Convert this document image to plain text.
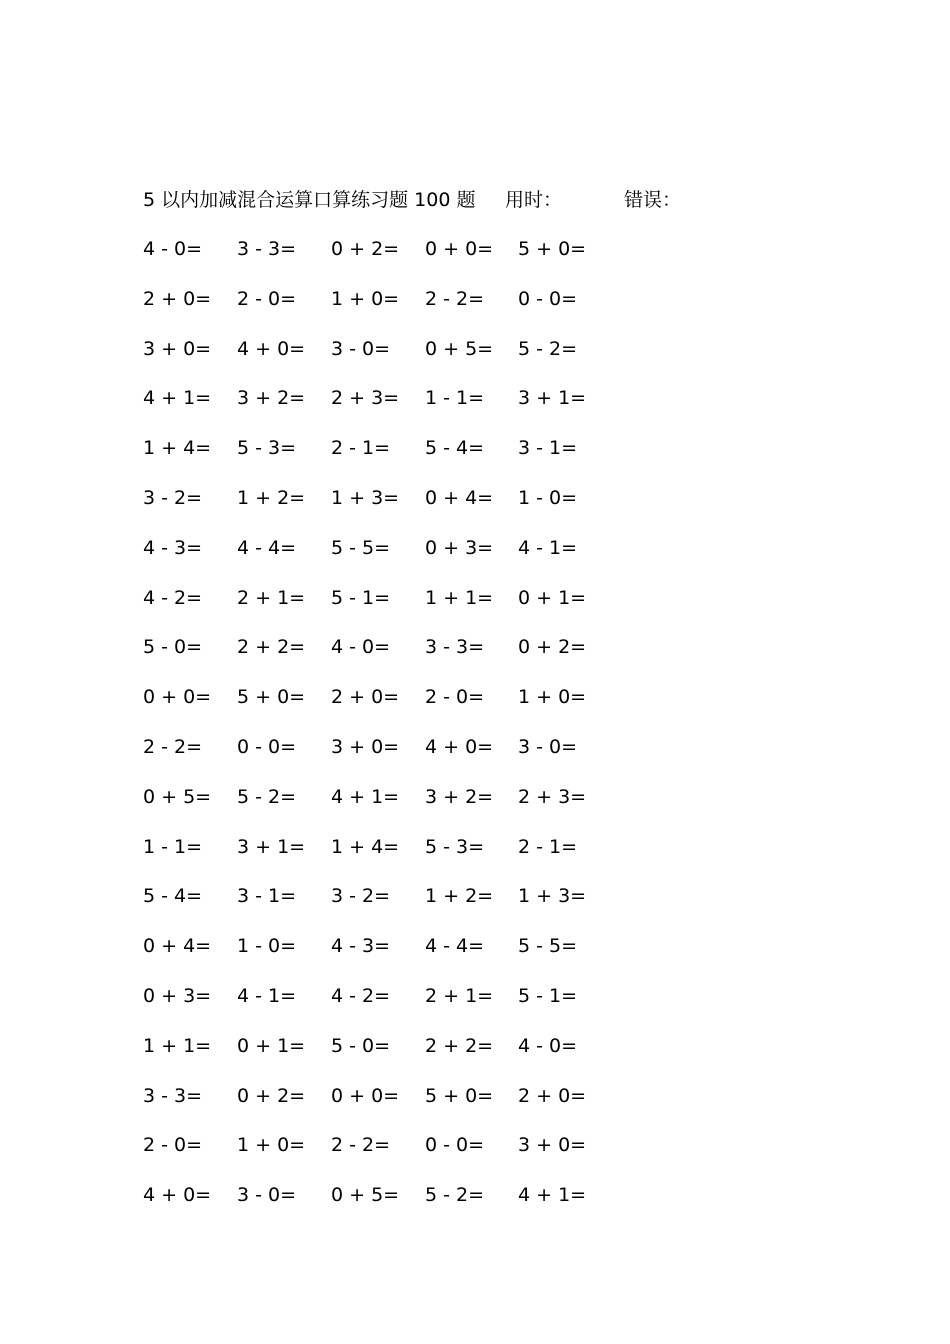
5 以内加减混合运算口算练习题 100 题 用时：	错误：
4 - 0= 3 - 3= 0 + 2= 0 + 0= 5 + 0=
2 + 0= 2 - 0= 1 + 0= 2 - 2= 0 - 0=
3 + 0= 4 + 0= 3 - 0= 0 + 5= 5 - 2=
4 + 1= 3 + 2= 2 + 3= 1 - 1= 3 + 1=
1 + 4= 5 - 3= 2 - 1= 5 - 4= 3 - 1=
3 - 2= 1 + 2= 1 + 3= 0 + 4= 1 - 0=
4 - 3= 4 - 4= 5 - 5= 0 + 3= 4 - 1=
4 - 2= 2 + 1= 5 - 1= 1 + 1= 0 + 1=
5 - 0= 2 + 2= 4 - 0= 3 - 3= 0 + 2=
0 + 0= 5 + 0= 2 + 0= 2 - 0= 1 + 0=
2 - 2= 0 - 0= 3 + 0= 4 + 0= 3 - 0=
0 + 5= 5 - 2= 4 + 1= 3 + 2= 2 + 3=
1 - 1= 3 + 1= 1 + 4= 5 - 3= 2 - 1=
5 - 4= 3 - 1= 3 - 2= 1 + 2= 1 + 3=
0 + 4= 1 - 0= 4 - 3= 4 - 4= 5 - 5=
0 + 3= 4 - 1= 4 - 2= 2 + 1= 5 - 1=
1 + 1= 0 + 1= 5 - 0= 2 + 2= 4 - 0=
3 - 3= 0 + 2= 0 + 0= 5 + 0= 2 + 0=
2 - 0= 1 + 0= 2 - 2= 0 - 0= 3 + 0=
4 + 0= 3 - 0= 0 + 5= 5 - 2= 4 + 1=
